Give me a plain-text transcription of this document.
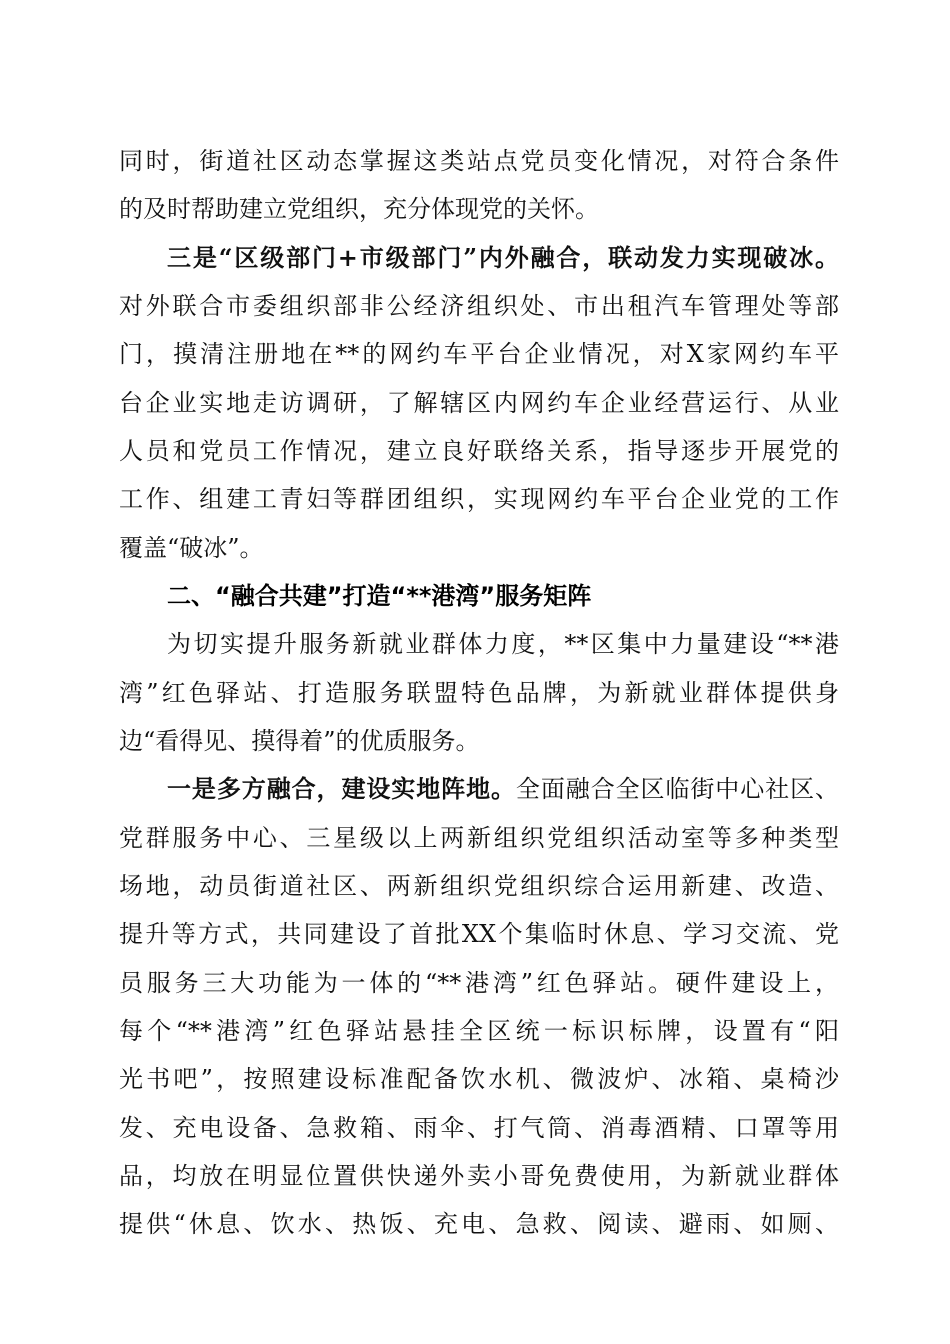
同时，街道社区动态掌握这类站点党员变化情况，对符合条件
的及时帮助建立党组织，充分体现党的关怀。
三是“区级部门+市级部门”内外融合，联动发力实现破冰。
对外联合市委组织部非公经济组织处、市出租汽车管理处等部
门，摸清注册地在**的网约车平台企业情况，对X家网约车平
台企业实地走访调研，了解辖区内网约车企业经营运行、从业
人员和党员工作情况，建立良好联络关系，指导逐步开展党的
工作、组建工青妇等群团组织，实现网约车平台企业党的工作
覆盖“破冰”。
二、“融合共建”打造“**港湾”服务矩阵
为切实提升服务新就业群体力度，**区集中力量建设“**港
湾”红色驿站、打造服务联盟特色品牌，为新就业群体提供身
边“看得见、摸得着”的优质服务。
一是多方融合，建设实地阵地。全面融合全区临街中心社区、
党群服务中心、三星级以上两新组织党组织活动室等多种类型
场地，动员街道社区、两新组织党组织综合运用新建、改造、
提升等方式，共同建设了首批XX个集临时休息、学习交流、党
员服务三大功能为一体的“**港湾”红色驿站。硬件建设上，
每个“**港湾”红色驿站悬挂全区统一标识标牌，设置有“阳
光书吧”，按照建设标准配备饮水机、微波炉、冰箱、桌椅沙
发、充电设备、急救箱、雨伞、打气筒、消毒酒精、口罩等用
品，均放在明显位置供快递外卖小哥免费使用，为新就业群体
提供“休息、饮水、热饭、充电、急救、阅读、避雨、如厕、
